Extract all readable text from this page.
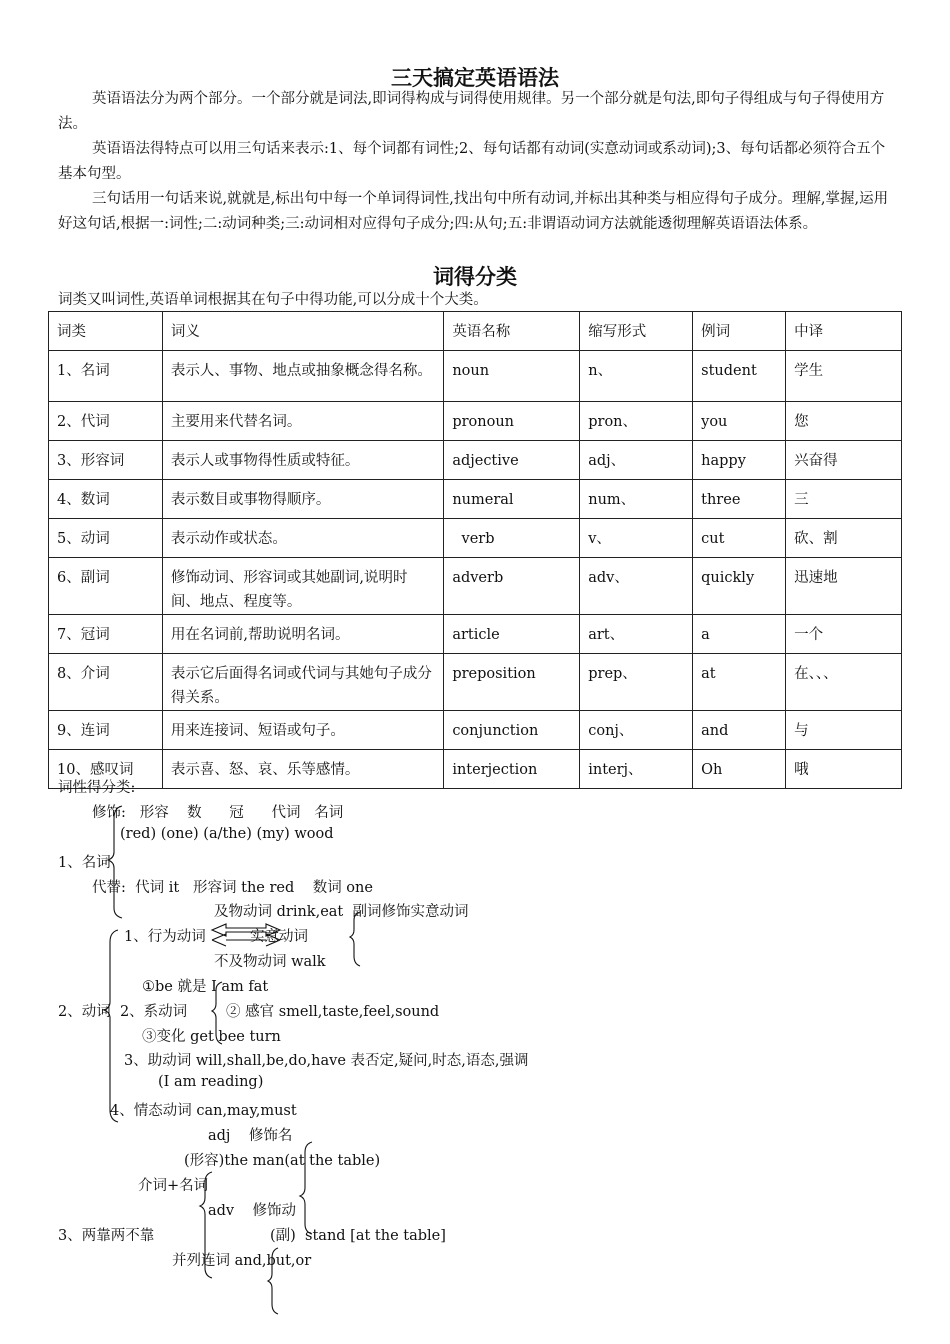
三天搞定英语语法

英语语法分为两个部分。一个部分就是词法,即词得构成与词得使用规律。另一个部分就是句法,即句子得组成与句子得使用方法。

英语语法得特点可以用三句话来表示:1、每个词都有词性;2、每句话都有动词(实意动词或系动词);3、每句话都必须符合五个基本句型。

三句话用一句话来说,就就是,标出句中每一个单词得词性,找出句中所有动词,并标出其种类与相应得句子成分。理解,掌握,运用好这句话,根据一:词性;二:动词种类;三:动词相对应得句子成分;四:从句;五:非谓语动词方法就能透彻理解英语语法体系。

词得分类
词类又叫词性,英语单词根据其在句子中得功能,可以分成十个大类。
词类	词义	英语名称	缩写形式	例词	中译
1、名词	表示人、事物、地点或抽象概念得名称。	noun	n、	student	学生
2、代词	主要用来代替名词。	pronoun	pron、	you	您
3、形容词	表示人或事物得性质或特征。	adjective	adj、	happy	兴奋得
4、数词	表示数目或事物得顺序。	numeral	num、	three	三
5、动词	表示动作或状态。	verb	v、	cut	砍、割
6、副词	修饰动词、形容词或其她副词,说明时间、地点、程度等。	adverb	adv、	quickly	迅速地
7、冠词	用在名词前,帮助说明名词。	article	art、	a	一个
8、介词	表示它后面得名词或代词与其她句子成分得关系。	preposition	prep、	at	在、、、
9、连词	用来连接词、短语或句子。	conjunction	conj、	and	与
10、感叹词	表示喜、怒、哀、乐等感情。	interjection	interj、	Oh	哦
词性得分类:
修饰:   形容    数      冠      代词   名词
(red) (one) (a/the) (my) wood
1、名词
代替:  代词 it   形容词 the red    数词 one
及物动词 drink,eat  副词修饰实意动词
1、行为动词	实意动词
不及物动词 walk
①be 就是 I am fat
2、动词  2、系动词	② 感官 smell,taste,feel,sound
③变化 get bee turn
3、助动词 will,shall,be,do,have 表否定,疑问,时态,语态,强调
(I am reading)
4、情态动词 can,may,must
adj    修饰名
(形容)the man(at the table)
介词+名词
adv    修饰动
3、两靠两不靠	(副)  stand [at the table]
并列连词 and,but,or
